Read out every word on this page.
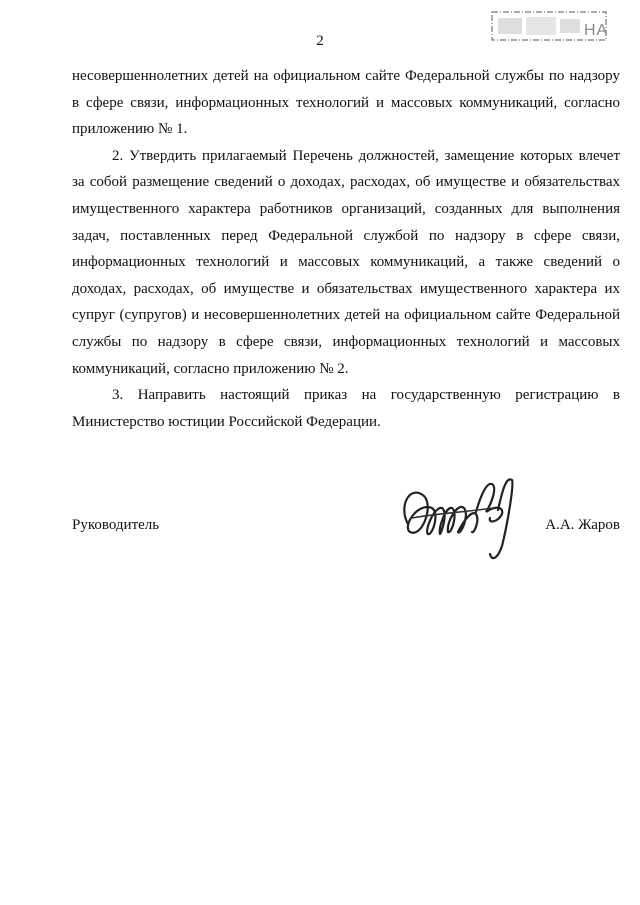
2
НА

несовершеннолетних детей на официальном сайте Федеральной службы по надзору в сфере связи, информационных технологий и массовых коммуникаций, согласно приложению № 1.

2. Утвердить прилагаемый Перечень должностей, замещение которых влечет за собой размещение сведений о доходах, расходах, об имуществе и обязательствах имущественного характера работников организаций, созданных для выполнения задач, поставленных перед Федеральной службой по надзору в сфере связи, информационных технологий и массовых коммуникаций, а также сведений о доходах, расходах, об имуществе и обязательствах имущественного характера их супруг (супругов) и несовершеннолетних детей на официальном сайте Федеральной службы по надзору в сфере связи, информационных технологий и массовых коммуникаций, согласно приложению № 2.

3. Направить настоящий приказ на государственную регистрацию в Министерство юстиции Российской Федерации.

Руководитель	А.А. Жаров
